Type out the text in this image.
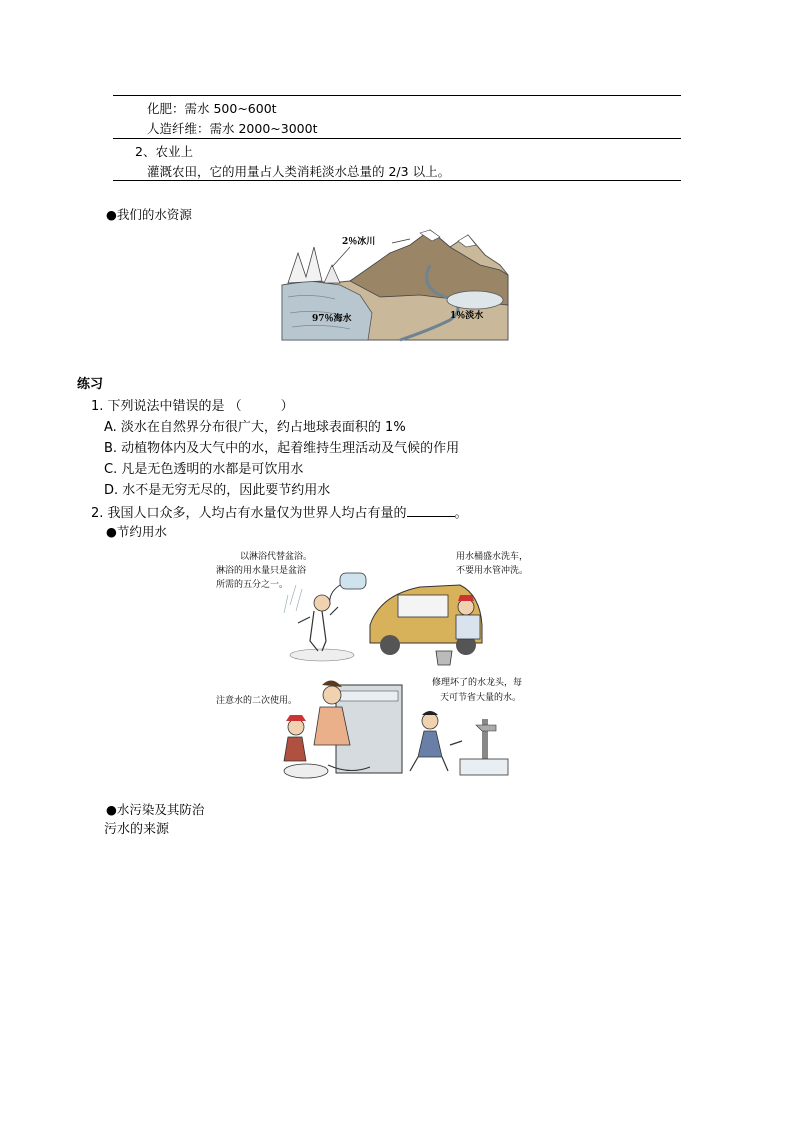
化肥：需水 500~600t
人造纤维：需水 2000~3000t
2、农业上
灌溉农田，它的用量占人类消耗淡水总量的 2/3 以上。
●我们的水资源
2％冰川
97％海水	1％淡水
练习
1. 下列说法中错误的是 （　　　）
A. 淡水在自然界分布很广大，约占地球表面积的 1%
B. 动植物体内及大气中的水，起着维持生理活动及气候的作用
C. 凡是无色透明的水都是可饮用水
D. 水不是无穷无尽的，因此要节约用水
2. 我国人口众多，人均占有水量仅为世界人均占有量的	。
●节约用水
以淋浴代替盆浴。
淋浴的用水量只是盆浴
所需的五分之一。
用水桶盛水洗车，
不要用水管冲洗。
注意水的二次使用。
修理坏了的水龙头，每
天可节省大量的水。
●水污染及其防治
污水的来源
